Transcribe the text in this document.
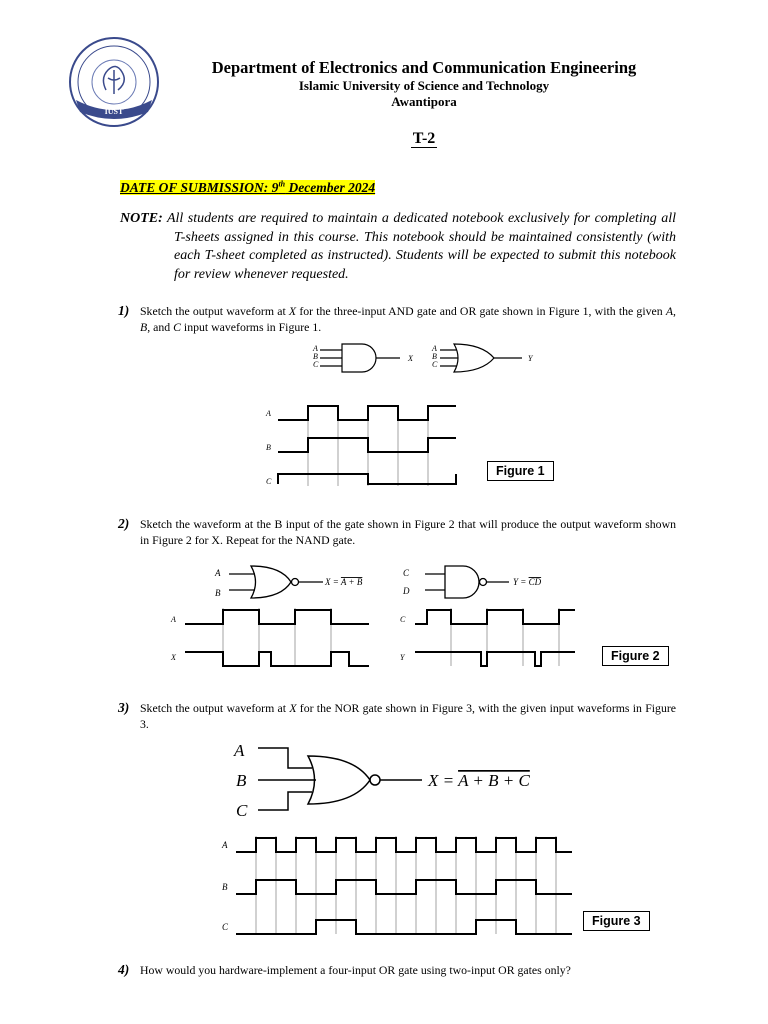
IUST
Department of Electronics and Communication Engineering
Islamic University of Science and Technology
Awantipora
T-2
DATE OF SUBMISSION: 9th December 2024
NOTE: All students are required to maintain a dedicated notebook exclusively for completing all T-sheets assigned in this course. This notebook should be maintained consistently (with each T-sheet completed as instructed). Students will be expected to submit this notebook for review whenever requested.
1) Sketch the output waveform at X for the three-input AND gate and OR gate shown in Figure 1, with the given A, B, and C input waveforms in Figure 1.
2) Sketch the waveform at the B input of the gate shown in Figure 2 that will produce the output waveform shown in Figure 2 for X. Repeat for the NAND gate.
3) Sketch the output waveform at X for the NOR gate shown in Figure 3, with the given input waveforms in Figure 3.
4) How would you hardware-implement a four-input OR gate using two-input OR gates only?
A
B
C
X
A
B
C
Y
A
B
C
Figure 1
A
B
X = A + B
C
D
Y = CD
A
X
C
Y	Figure 2
A
B
C
X = A + B + C
A
B
C	Figure 3
